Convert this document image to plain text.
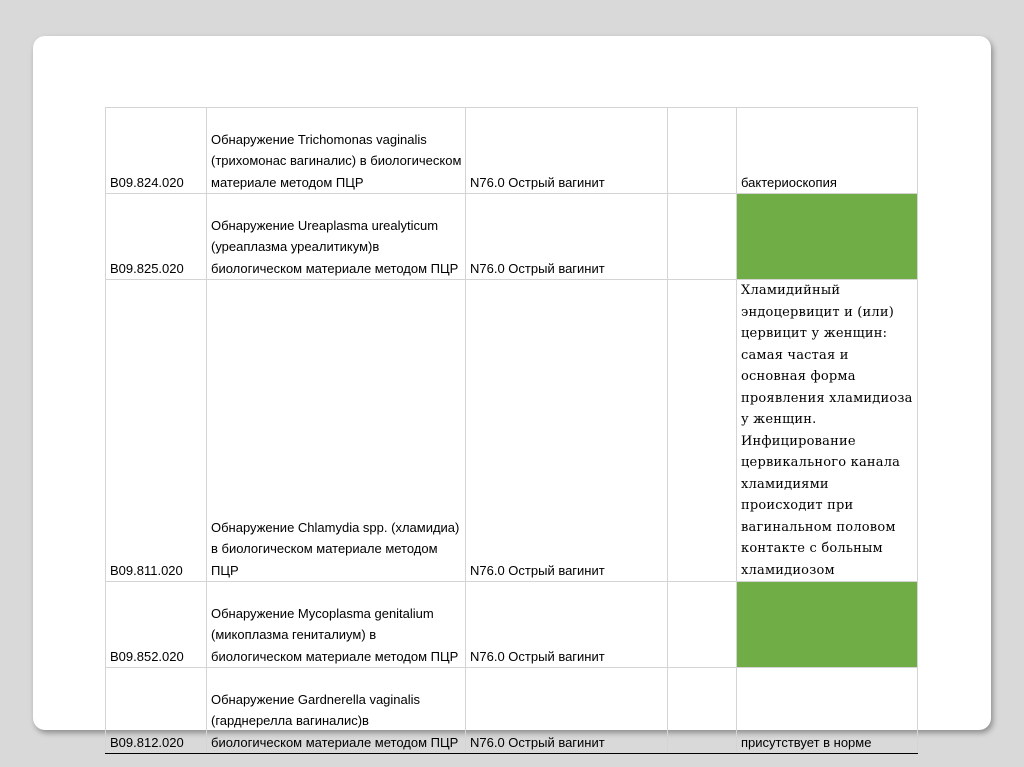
B09.824.020	Обнаружение Trichomonas vaginalis (трихомонас вагиналис) в биологическом материале методом ПЦР	N76.0 Острый вагинит		бактериоскопия
B09.825.020	Обнаружение Ureaplasma urealyticum (уреаплазма уреалитикум)в биологическом материале методом ПЦР	N76.0 Острый вагинит		
B09.811.020	Обнаружение Chlamydia spp. (хламидиа) в биологическом материале методом ПЦР	N76.0 Острый вагинит		Хламидийный эндоцервицит и (или) цервицит у женщин: самая частая и основная форма проявления хламидиоза у женщин. Инфицирование цервикального канала хламидиями происходит при вагинальном половом контакте с больным хламидиозом
B09.852.020	Обнаружение Mycoplasma genitalium (микоплазма гениталиум) в биологическом материале методом ПЦР	N76.0 Острый вагинит		
B09.812.020	Обнаружение Gardnerella vaginalis (гарднерелла вагиналис)в биологическом материале методом ПЦР	N76.0 Острый вагинит		присутствует в норме
